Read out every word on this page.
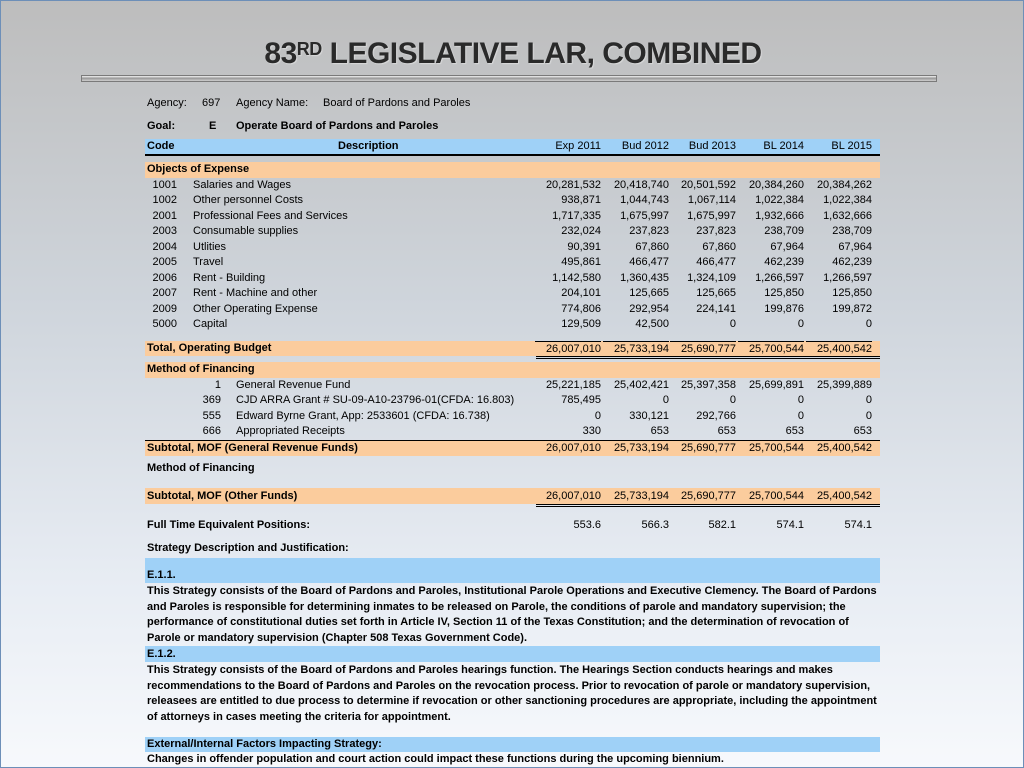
83RD LEGISLATIVE LAR, COMBINED
Agency: 697 Agency Name: Board of Pardons and Paroles
Goal:	E Operate Board of Pardons and Paroles
Code	Description	Exp 2011	Bud 2012	Bud 2013	BL 2014	BL 2015
Objects of Expense
1001 Salaries and Wages	20,281,532	20,418,740	20,501,592	20,384,260	20,384,262
1002 Other personnel Costs	938,871	1,044,743	1,067,114	1,022,384	1,022,384
2001 Professional Fees and Services	1,717,335	1,675,997	1,675,997	1,932,666	1,632,666
2003 Consumable supplies	232,024	237,823	237,823	238,709	238,709
2004 Utlities	90,391	67,860	67,860	67,964	67,964
2005 Travel	495,861	466,477	466,477	462,239	462,239
2006 Rent - Building	1,142,580	1,360,435	1,324,109	1,266,597	1,266,597
2007 Rent - Machine and other	204,101	125,665	125,665	125,850	125,850
2009 Other Operating Expense	774,806	292,954	224,141	199,876	199,872
5000 Capital	129,509	42,500	0	0	0
Total, Operating Budget	26,007,010	25,733,194	25,690,777	25,700,544	25,400,542
Method of Financing
1 General Revenue Fund	25,221,185	25,402,421	25,397,358	25,699,891	25,399,889
369 CJD ARRA Grant # SU-09-A10-23796-01(CFDA: 16.803)	785,495	0	0	0	0
555 Edward Byrne Grant, App: 2533601 (CFDA: 16.738)	0	330,121	292,766	0	0
666 Appropriated Receipts	330	653	653	653	653
Subtotal, MOF (General Revenue Funds)	26,007,010	25,733,194	25,690,777	25,700,544	25,400,542
Method of Financing
Subtotal, MOF (Other Funds)	26,007,010	25,733,194	25,690,777	25,700,544	25,400,542
Full Time Equivalent Positions:	553.6	566.3	582.1	574.1	574.1
Strategy Description and Justification:
E.1.1.
This Strategy consists of the Board of Pardons and Paroles, Institutional Parole Operations and Executive Clemency. The Board of Pardons and Paroles is responsible for determining inmates to be released on Parole, the conditions of parole and mandatory supervision; the performance of constitutional duties set forth in Article IV, Section 11 of the Texas Constitution; and the determination of revocation of Parole or mandatory supervision (Chapter 508 Texas Government Code).
E.1.2.
This Strategy consists of the Board of Pardons and Paroles hearings function. The Hearings Section conducts hearings and makes recommendations to the Board of Pardons and Paroles on the revocation process. Prior to revocation of parole or mandatory supervision, releasees are entitled to due process to determine if revocation or other sanctioning procedures are appropriate, including the appointment of attorneys in cases meeting the criteria for appointment.
External/Internal Factors Impacting Strategy:
Changes in offender population and court action could impact these functions during the upcoming biennium.
